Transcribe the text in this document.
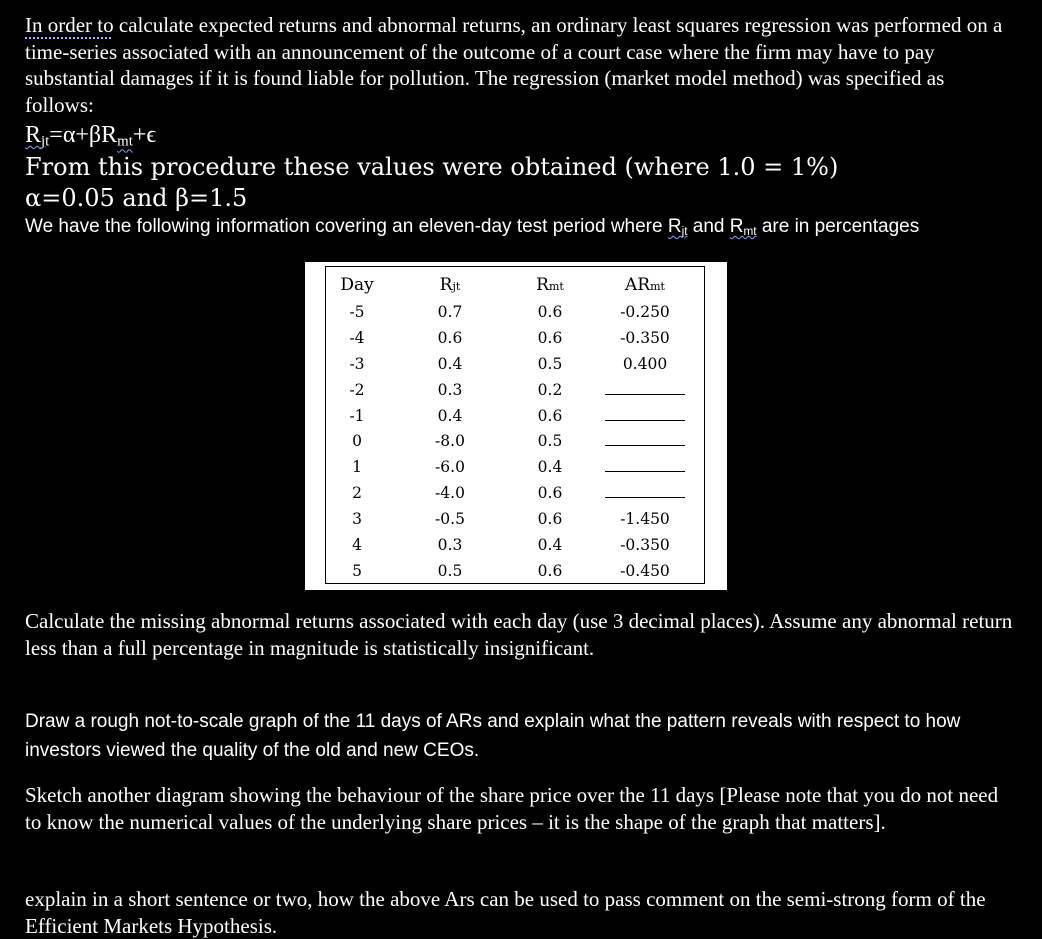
In order to calculate expected returns and abnormal returns, an ordinary least squares regression was performed on a time-series associated with an announcement of the outcome of a court case where the firm may have to pay substantial damages if it is found liable for pollution. The regression (market model method) was specified as follows:
$R_{jt}=\alpha+\beta R_{mt}+\epsilon$
From this procedure these values were obtained (where 1.0 = 1%)
α=0.05 and β=1.5
We have the following information covering an eleven-day test period where $R_{jt}$ and $R_{mt}$ are in percentages
Day	Rjt	Rmt	ARmt
-5	0.7	0.6	-0.250
-4	0.6	0.6	-0.350
-3	0.4	0.5	0.400
-2	0.3	0.2	
-1	0.4	0.6	
0	-8.0	0.5	
1	-6.0	0.4	
2	-4.0	0.6	
3	-0.5	0.6	-1.450
4	0.3	0.4	-0.350
5	0.5	0.6	-0.450
Calculate the missing abnormal returns associated with each day (use 3 decimal places). Assume any abnormal return less than a full percentage in magnitude is statistically insignificant.
Draw a rough not-to-scale graph of the 11 days of ARs and explain what the pattern reveals with respect to how investors viewed the quality of the old and new CEOs.
Sketch another diagram showing the behaviour of the share price over the 11 days [Please note that you do not need to know the numerical values of the underlying share prices – it is the shape of the graph that matters].
explain in a short sentence or two, how the above Ars can be used to pass comment on the semi-strong form of the Efficient Markets Hypothesis.
